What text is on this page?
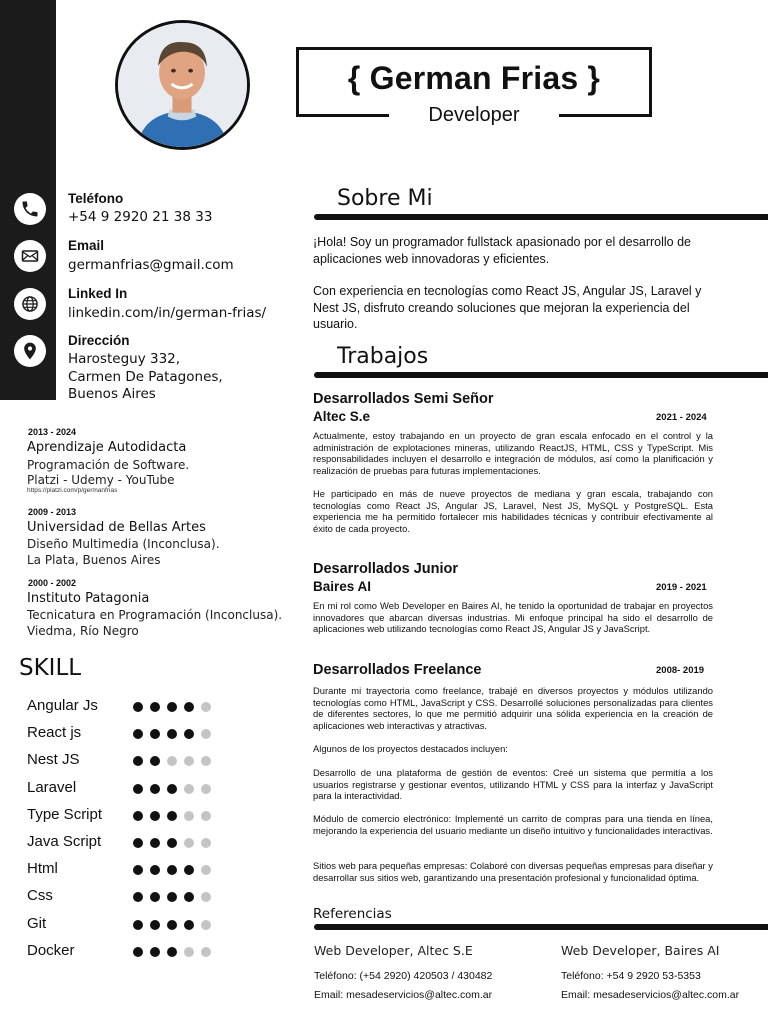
{ German Frias }
Developer
Teléfono
+54 9 2920 21 38 33
Email
germanfrias@gmail.com
Linked In
linkedin.com/in/german-frias/
Dirección
Harosteguy 332,
Carmen De Patagones,
Buenos Aires
2013 - 2024
Aprendizaje Autodidacta
Programación de Software.
Platzi - Udemy - YouTube
https://platzi.com/p/germanfrias
2009 - 2013
Universidad de Bellas Artes
Diseño Multimedia (Inconclusa).
La Plata, Buenos Aires
2000 - 2002
Instituto Patagonia
Tecnicatura en Programación (Inconclusa).
Viedma, Río Negro
SKILL
Angular Js
React js
Nest JS
Laravel
Type Script
Java Script
Html
Css
Git
Docker
Sobre Mi
¡Hola! Soy un programador fullstack apasionado por el desarrollo de aplicaciones web innovadoras y eficientes.
Con experiencia en tecnologías como React JS, Angular JS, Laravel y Nest JS, disfruto creando soluciones que mejoran la experiencia del usuario.
Trabajos
Desarrollados Semi Señor
Altec S.e	2021 - 2024
Actualmente, estoy trabajando en un proyecto de gran escala enfocado en el control y la administración de explotaciones mineras, utilizando ReactJS, HTML, CSS y TypeScript. Mis responsabilidades incluyen el desarrollo e integración de módulos, así como la planificación y realización de pruebas para futuras implementaciones.
He participado en más de nueve proyectos de mediana y gran escala, trabajando con tecnologías como React JS, Angular JS, Laravel, Nest JS, MySQL y PostgreSQL. Esta experiencia me ha permitido fortalecer mis habilidades técnicas y contribuir efectivamente al éxito de cada proyecto.
Desarrollados Junior
Baires AI	2019 - 2021
En mi rol como Web Developer en Baires AI, he tenido la oportunidad de trabajar en proyectos innovadores que abarcan diversas industrias. Mi enfoque principal ha sido el desarrollo de aplicaciones web utilizando tecnologías como React JS, Angular JS y JavaScript.
Desarrollados Freelance	2008- 2019
Durante mi trayectoria como freelance, trabajé en diversos proyectos y módulos utilizando tecnologías como HTML, JavaScript y CSS. Desarrollé soluciones personalizadas para clientes de diferentes sectores, lo que me permitió adquirir una sólida experiencia en la creación de aplicaciones web interactivas y atractivas.
Algunos de los proyectos destacados incluyen:
Desarrollo de una plataforma de gestión de eventos: Creé un sistema que permitía a los usuarios registrarse y gestionar eventos, utilizando HTML y CSS para la interfaz y JavaScript para la interactividad.
Módulo de comercio electrónico: Implementé un carrito de compras para una tienda en línea, mejorando la experiencia del usuario mediante un diseño intuitivo y funcionalidades interactivas.
Sitios web para pequeñas empresas: Colaboré con diversas pequeñas empresas para diseñar y desarrollar sus sitios web, garantizando una presentación profesional y funcionalidad óptima.
Referencias
Web Developer, Altec S.E
Teléfono: (+54 2920) 420503 / 430482
Email: mesadeservicios@altec.com.ar
Web Developer, Baires AI
Teléfono: +54 9 2920 53-5353
Email: mesadeservicios@altec.com.ar
